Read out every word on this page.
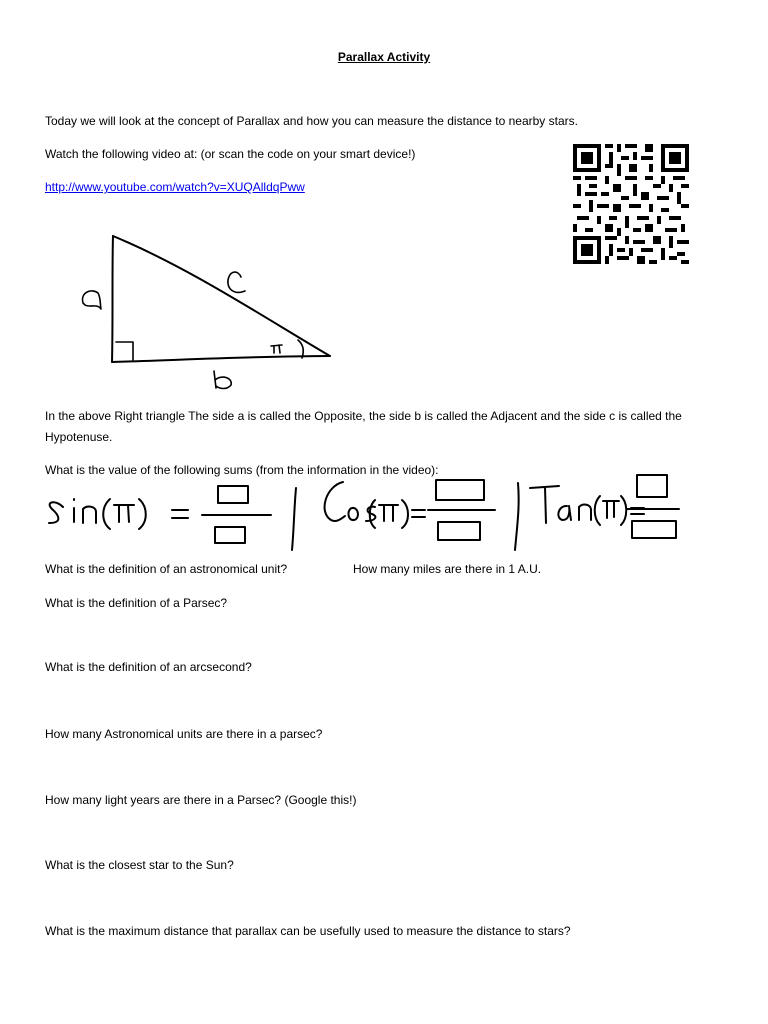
Parallax Activity
Today we will look at the concept of Parallax and how you can measure the distance to nearby stars.
Watch the following video at: (or scan the code on your smart device!)
http://www.youtube.com/watch?v=XUQAlldqPww
In the above Right triangle The side a is called the Opposite, the side b is called the Adjacent and the side c is called the Hypotenuse.
What is the value of the following sums (from the information in the video):
What is the definition of an astronomical unit?	How many miles are there in 1 A.U.
What is the definition of a Parsec?
What is the definition of an arcsecond?
How many Astronomical units are there in a parsec?
How many light years are there in a Parsec? (Google this!)
What is the closest star to the Sun?
What is the maximum distance that parallax can be usefully used to measure the distance to stars?
